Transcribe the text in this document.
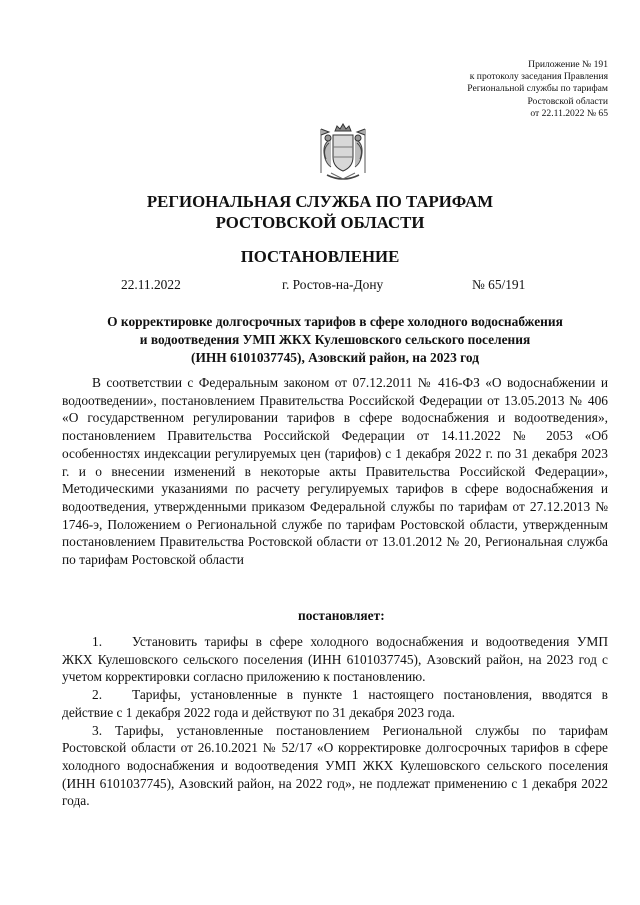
Приложение № 191
к протоколу заседания Правления
Региональной службы по тарифам
Ростовской области
от 22.11.2022 № 65
РЕГИОНАЛЬНАЯ СЛУЖБА ПО ТАРИФАМ
РОСТОВСКОЙ ОБЛАСТИ
ПОСТАНОВЛЕНИЕ
22.11.2022	г. Ростов-на-Дону	№ 65/191
О корректировке долгосрочных тарифов в сфере холодного водоснабжения
и водоотведения УМП ЖКХ Кулешовского сельского поселения
(ИНН 6101037745), Азовский район, на 2023 год
В соответствии с Федеральным законом от 07.12.2011 № 416-ФЗ «О водоснабжении и водоотведении», постановлением Правительства Российской Федерации от 13.05.2013 № 406 «О государственном регулировании тарифов в сфере водоснабжения и водоотведения», постановлением Правительства Российской Федерации от 14.11.2022 № 2053 «Об особенностях индексации регулируемых цен (тарифов) с 1 декабря 2022 г. по 31 декабря 2023 г. и о внесении изменений в некоторые акты Правительства Российской Федерации», Методическими указаниями по расчету регулируемых тарифов в сфере водоснабжения и водоотведения, утвержденными приказом Федеральной службы по тарифам от 27.12.2013 № 1746-э, Положением о Региональной службе по тарифам Ростовской области, утвержденным постановлением Правительства Ростовской области от 13.01.2012 № 20, Региональная служба по тарифам Ростовской области
постановляет:

1. Установить тарифы в сфере холодного водоснабжения и водоотведения УМП ЖКХ Кулешовского сельского поселения (ИНН 6101037745), Азовский район, на 2023 год с учетом корректировки согласно приложению к постановлению.

2. Тарифы, установленные в пункте 1 настоящего постановления, вводятся в действие с 1 декабря 2022 года и действуют по 31 декабря 2023 года.

3. Тарифы, установленные постановлением Региональной службы по тарифам Ростовской области от 26.10.2021 № 52/17 «О корректировке долгосрочных тарифов в сфере холодного водоснабжения и водоотведения УМП ЖКХ Кулешовского сельского поселения (ИНН 6101037745), Азовский район, на 2022 год», не подлежат применению с 1 декабря 2022 года.
